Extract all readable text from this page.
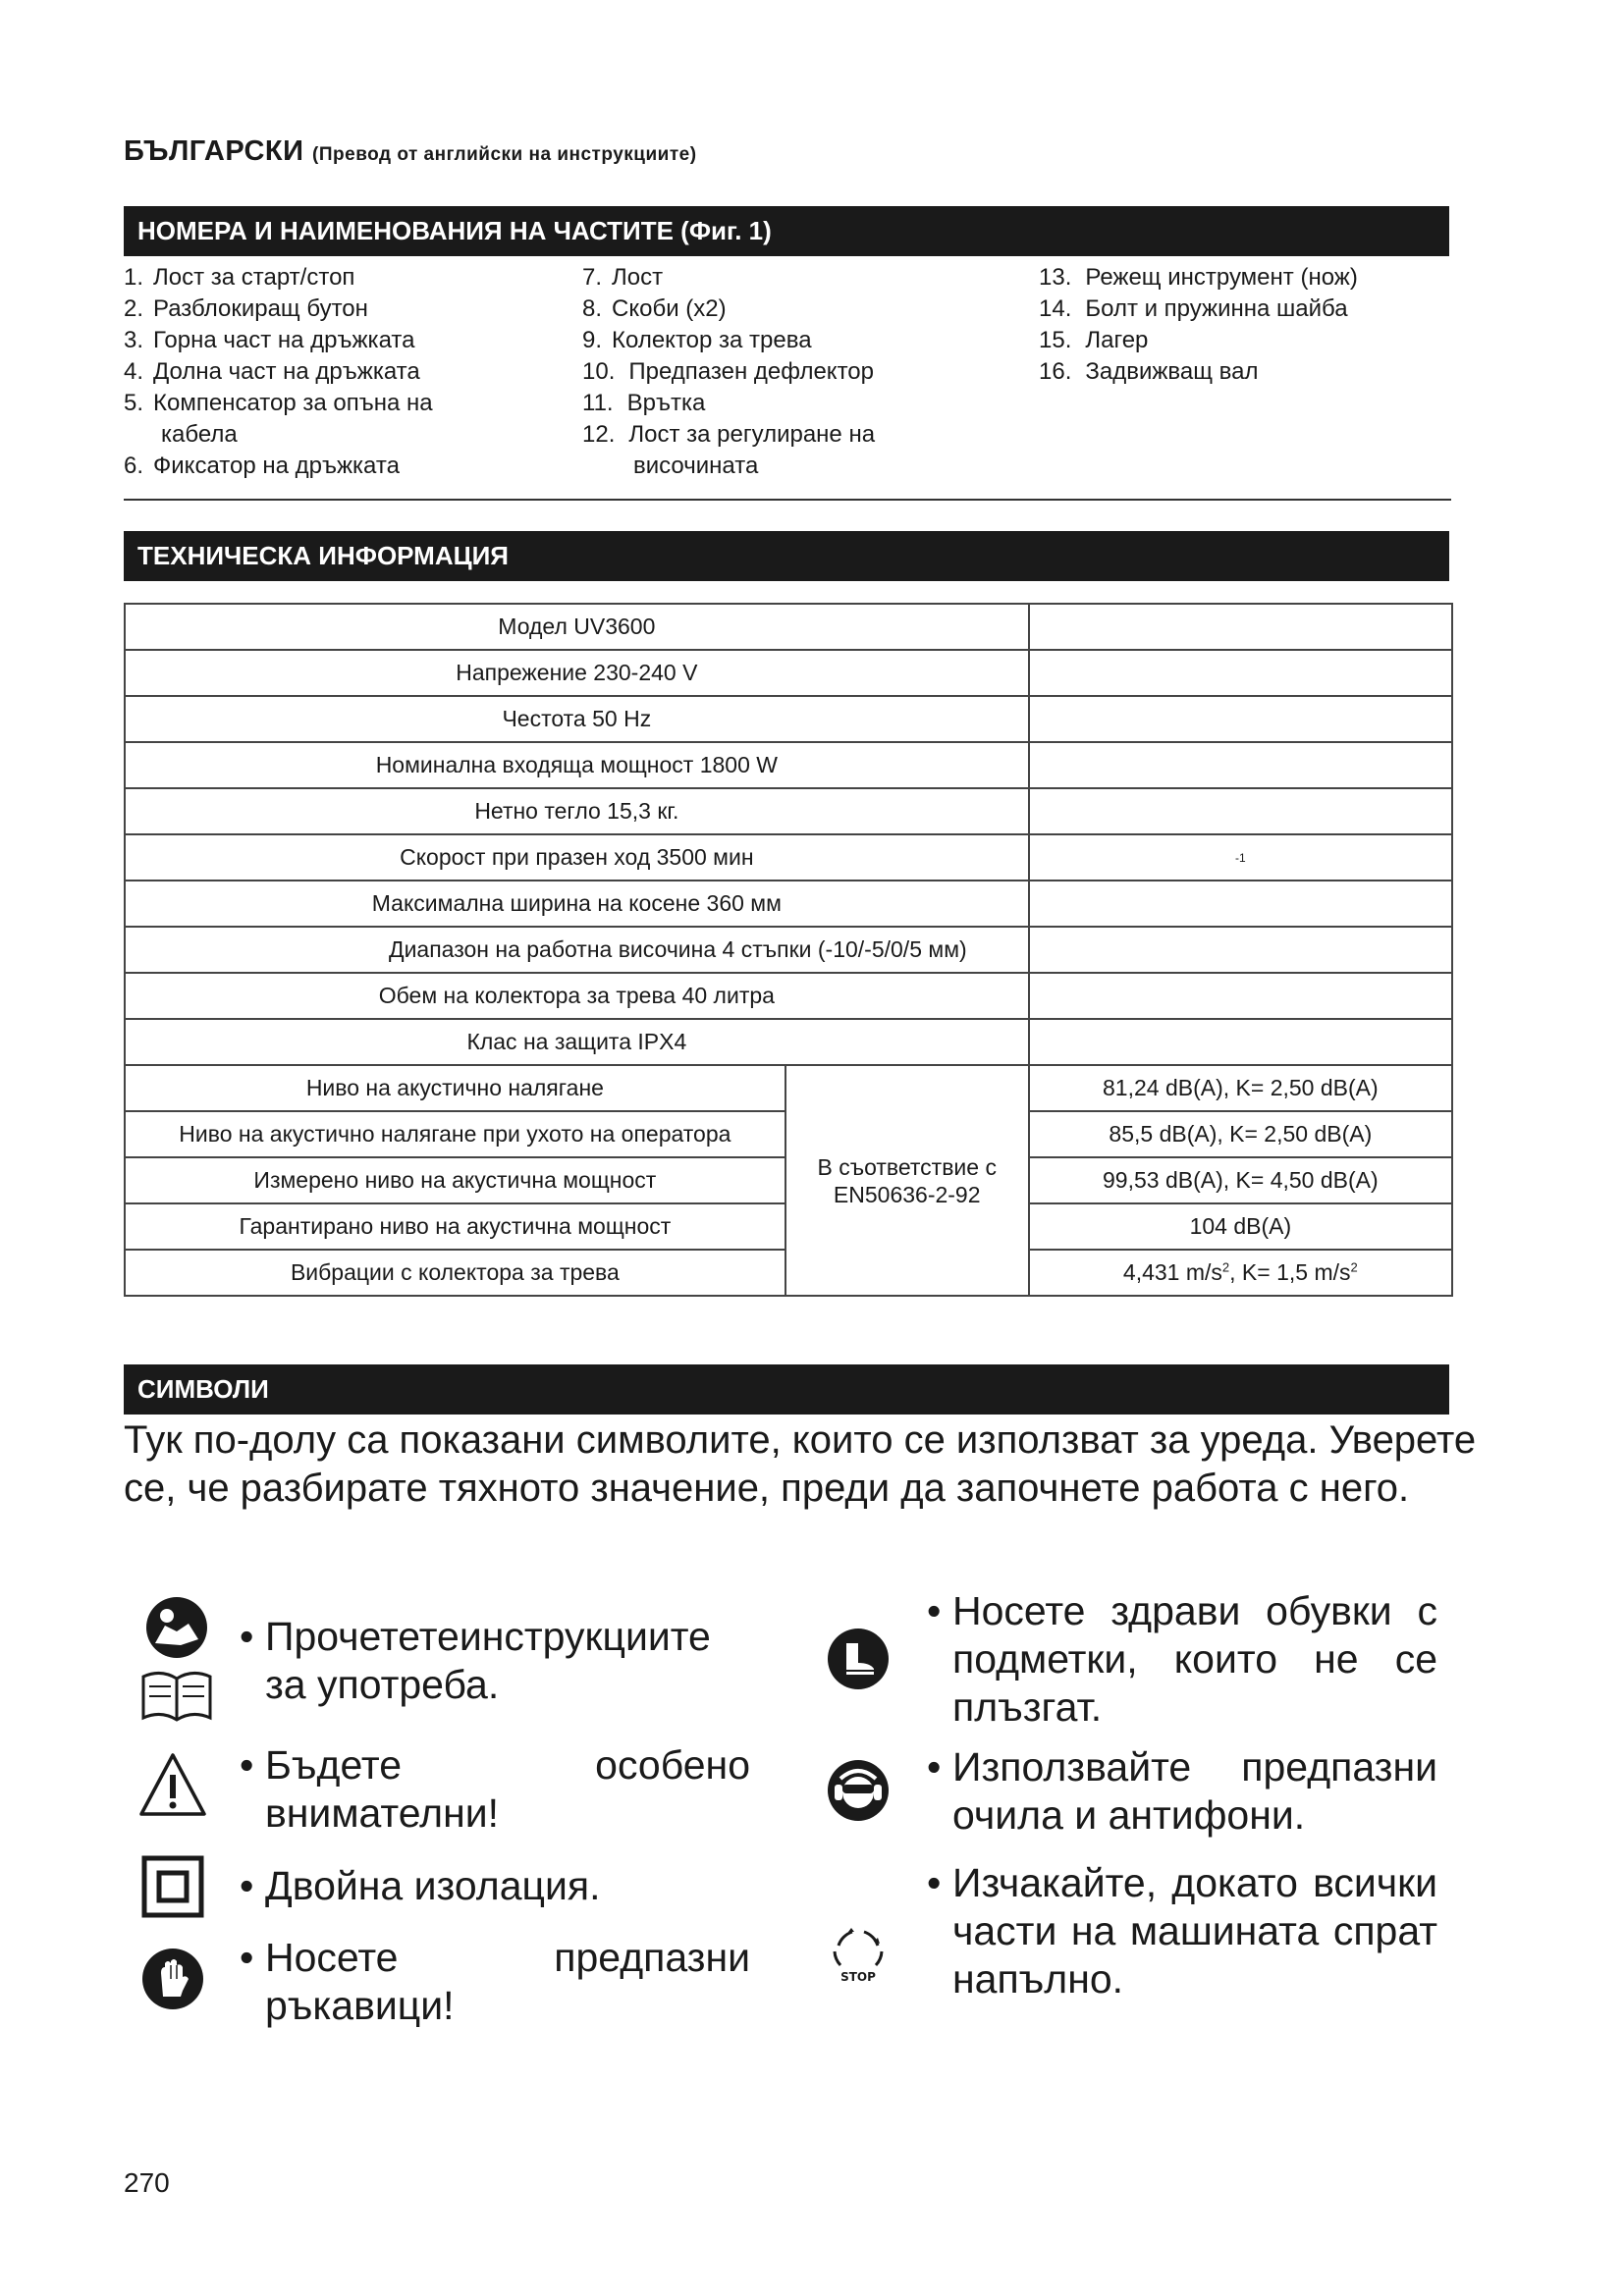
БЪЛГАРСКИ (Превод от английски на инструкциите)
НОМЕРА И НАИМЕНОВАНИЯ НА ЧАСТИТЕ (Фиг. 1)
1. Лост за старт/стоп
2. Разблокиращ бутон
3. Горна част на дръжката
4. Долна част на дръжката
5. Компенсатор за опъна на
кабела
6. Фиксатор на дръжката
7. Лост
8. Скоби (x2)
9. Колектор за трева
10. Предпазен дефлектор
11. Врътка
12. Лост за регулиране на
височината
13. Режещ инструмент (нож)
14. Болт и пружинна шайба
15. Лагер
16. Задвижващ вал
ТЕХНИЧЕСКА ИНФОРМАЦИЯ
Модел UV3600		
Напрежение 230-240 V		
Честота 50 Hz		
Номинална входяща мощност 1800 W		
Нетно тегло 15,3 кг.		
Скорост при празен ход 3500 мин		-1
Максимална ширина на косене 360 мм		
Диапазон на работна височина 4 стъпки (-10/-5/0/5 мм)		
Обем на колектора за трева 40 литра		
Клас на защита IPX4		
Ниво на акустично налягане	В съответствие с EN50636-2-92	81,24 dB(A), K= 2,50 dB(A)
Ниво на акустично налягане при ухото на оператора		85,5 dB(A), K= 2,50 dB(A)
Измерено ниво на акустична мощност		99,53 dB(A), K= 4,50 dB(A)
Гарантирано ниво на акустична мощност		104 dB(A)
Вибрации с колектора за трева		4,431 $m/s^2$, K= 1,5 $m/s^2$
СИМВОЛИ
Тук по-долу са показани символите, които се използват за уреда. Уверете се, че разбирате тяхното значение, преди да започнете работа с него.
• Прочететеинструкциите за употреба.
• Бъдете особено внимателни!
• Двойна изолация.
• Носете предпазни ръкавици!
• Носете здрави обувки с подметки, които не се плъзгат.
• Използвайте предпазни очила и антифони.
STOP
• Изчакайте, докато всички части на машината спрат напълно.
270
